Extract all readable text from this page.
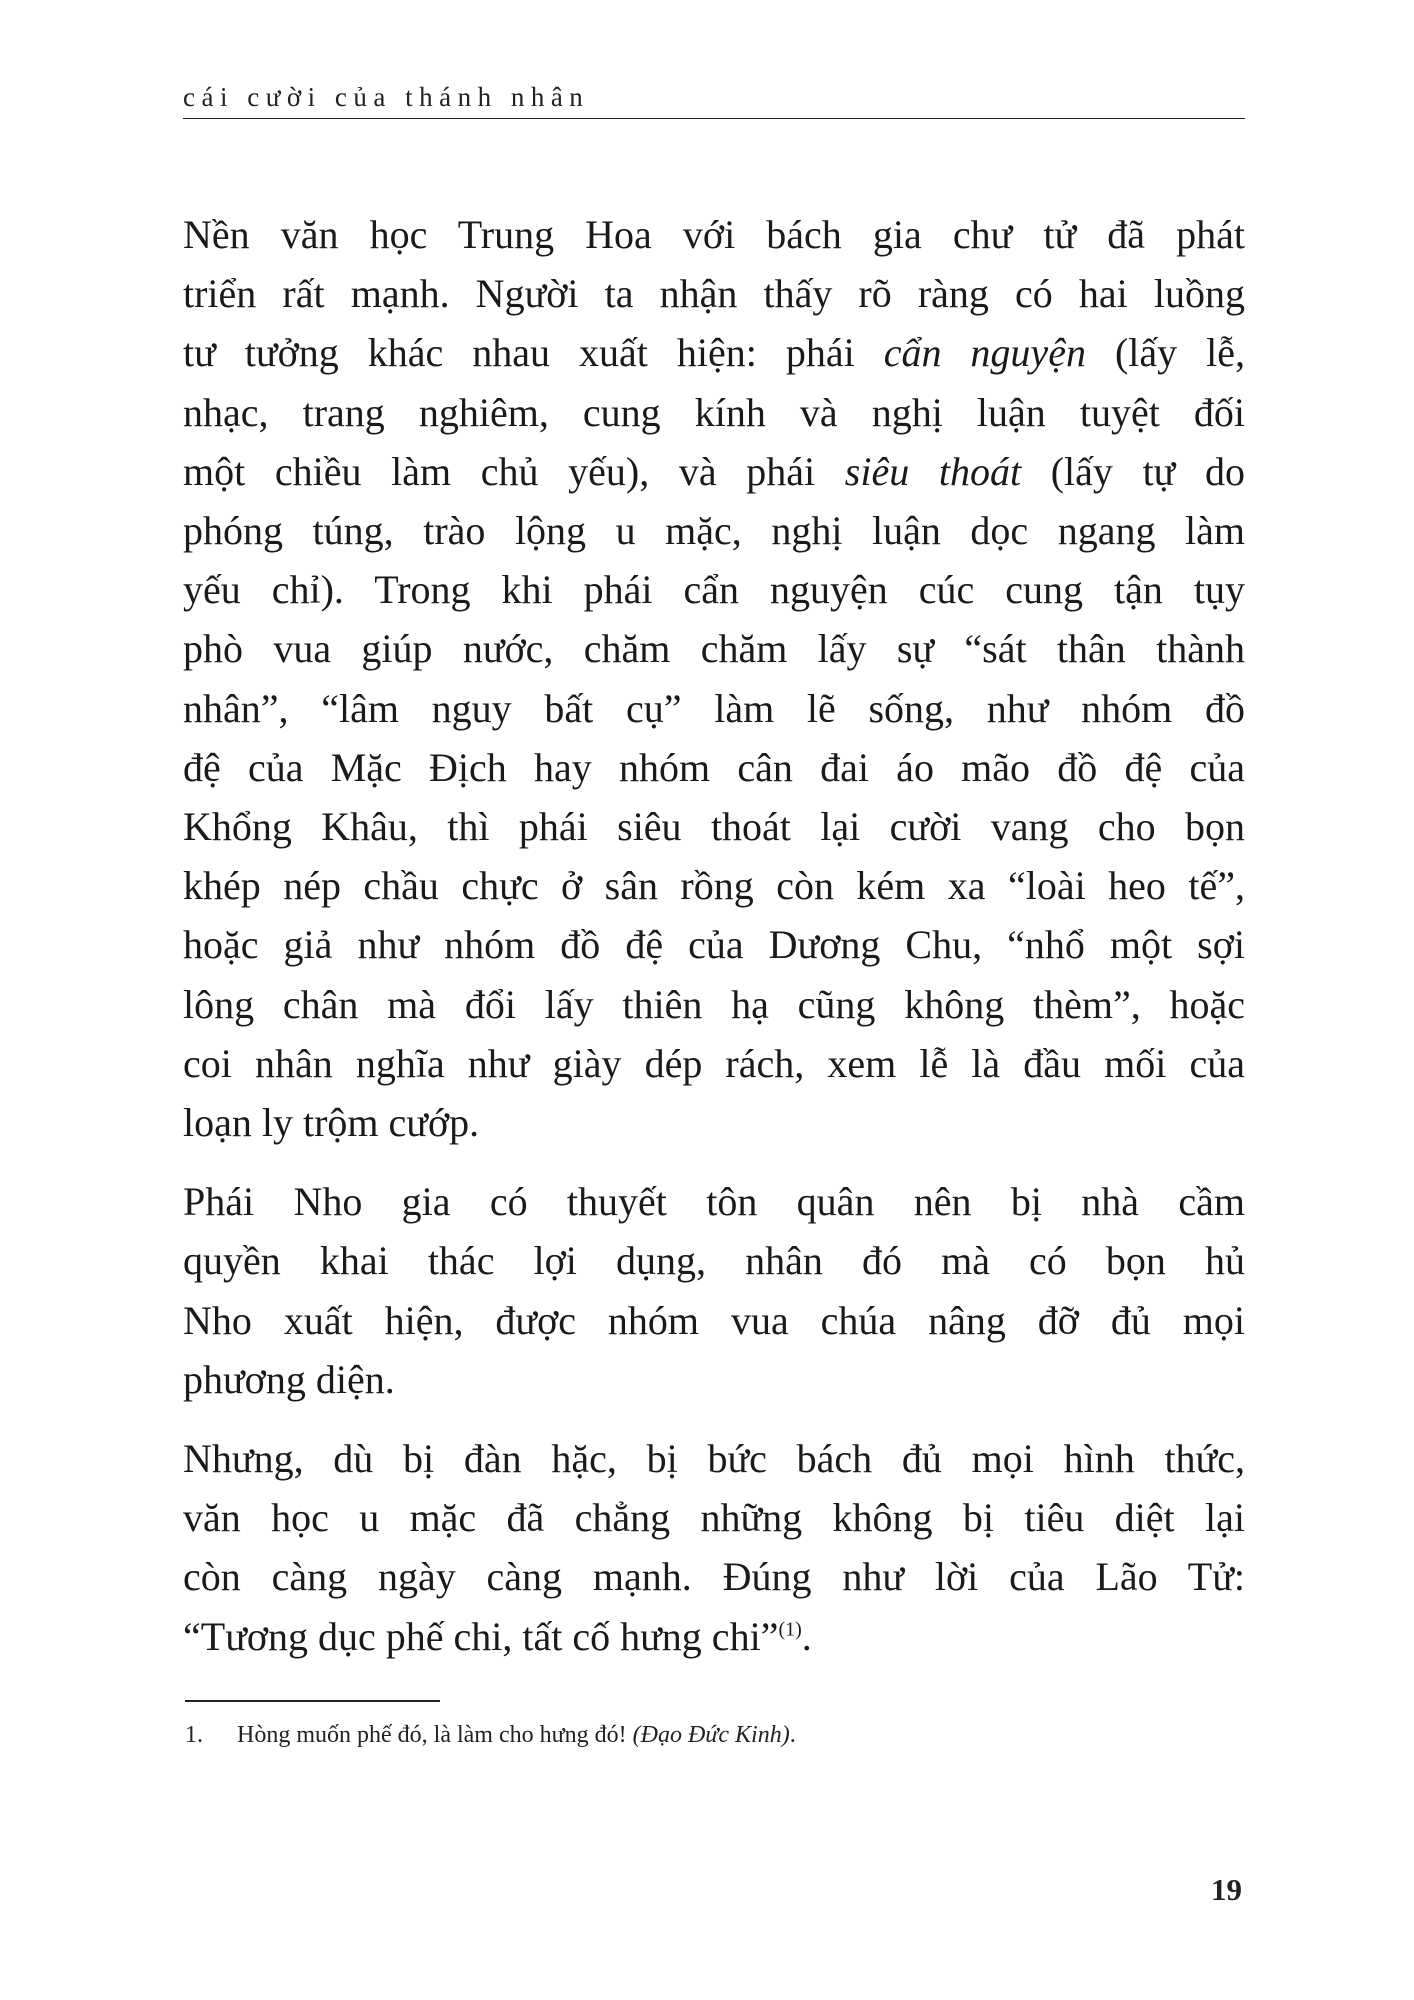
cái cười của thánh nhân
Nền văn học Trung Hoa với bách gia chư tử đã phát
triển rất mạnh. Người ta nhận thấy rõ ràng có hai luồng
tư tưởng khác nhau xuất hiện: phái cẩn nguyện (lấy lễ,
nhạc, trang nghiêm, cung kính và nghị luận tuyệt đối
một chiều làm chủ yếu), và phái siêu thoát (lấy tự do
phóng túng, trào lộng u mặc, nghị luận dọc ngang làm
yếu chỉ). Trong khi phái cẩn nguyện cúc cung tận tụy
phò vua giúp nước, chăm chăm lấy sự “sát thân thành
nhân”, “lâm nguy bất cụ” làm lẽ sống, như nhóm đồ
đệ của Mặc Địch hay nhóm cân đai áo mão đồ đệ của
Khổng Khâu, thì phái siêu thoát lại cười vang cho bọn
khép nép chầu chực ở sân rồng còn kém xa “loài heo tế”,
hoặc giả như nhóm đồ đệ của Dương Chu, “nhổ một sợi
lông chân mà đổi lấy thiên hạ cũng không thèm”, hoặc
coi nhân nghĩa như giày dép rách, xem lễ là đầu mối của
loạn ly trộm cướp.
Phái Nho gia có thuyết tôn quân nên bị nhà cầm
quyền khai thác lợi dụng, nhân đó mà có bọn hủ
Nho xuất hiện, được nhóm vua chúa nâng đỡ đủ mọi
phương diện.
Nhưng, dù bị đàn hặc, bị bức bách đủ mọi hình thức,
văn học u mặc đã chẳng những không bị tiêu diệt lại
còn càng ngày càng mạnh. Đúng như lời của Lão Tử:
“Tương dục phế chi, tất cố hưng chi”$^{(1)}$.
1. Hòng muốn phế đó, là làm cho hưng đó! (Đạo Đức Kinh).
19
